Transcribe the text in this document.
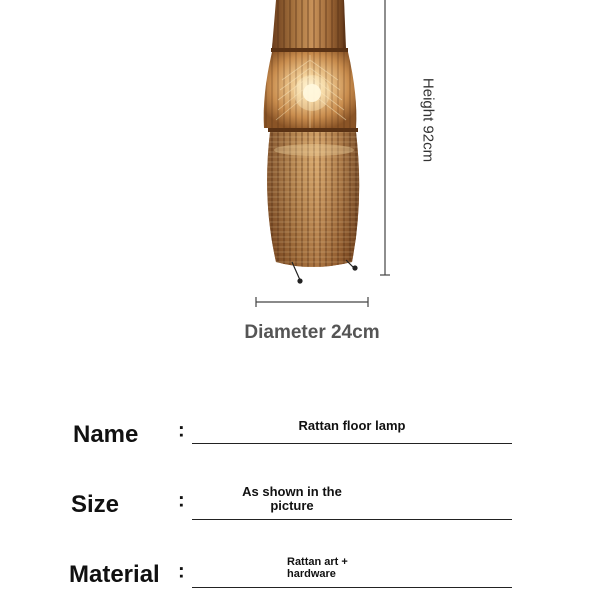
Height 92cm
Diameter 24cm
Name :	Rattan floor lamp
Size	:	As shown in the
picture
Material :	Rattan art +
hardware
